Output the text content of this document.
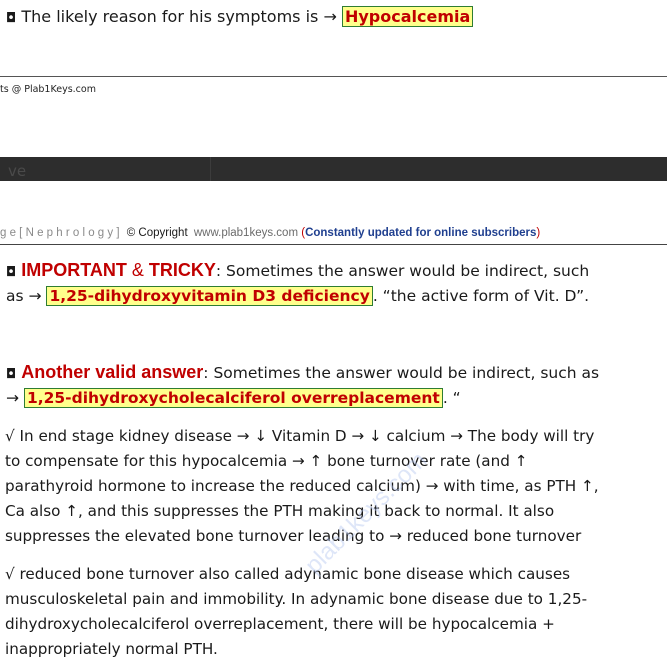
◘ The likely reason for his symptoms is → Hypocalcemia
ts @ Plab1Keys.com
ve
g e [ N e p h r o l o g y ] © Copyright www.plab1keys.com (Constantly updated for online subscribers)
◘ IMPORTANT & TRICKY: Sometimes the answer would be indirect, such
as → 1,25-dihydroxyvitamin D3 deficiency . “the active form of Vit. D”.
◘ Another valid answer: Sometimes the answer would be indirect, such as
→ 1,25-dihydroxycholecalciferol overreplacement . “
√ In end stage kidney disease → ↓ Vitamin D → ↓ calcium → The body will try
to compensate for this hypocalcemia → ↑ bone turnover rate (and ↑
parathyroid hormone to increase the reduced calcium) → with time, as PTH ↑,
Ca also ↑, and this suppresses the PTH making it back to normal. It also
suppresses the elevated bone turnover leading to → reduced bone turnover
√ reduced bone turnover also called adynamic bone disease which causes
musculoskeletal pain and immobility. In adynamic bone disease due to 1,25-
dihydroxycholecalciferol overreplacement, there will be hypocalcemia +
inappropriately normal PTH.
plab1keys.com
